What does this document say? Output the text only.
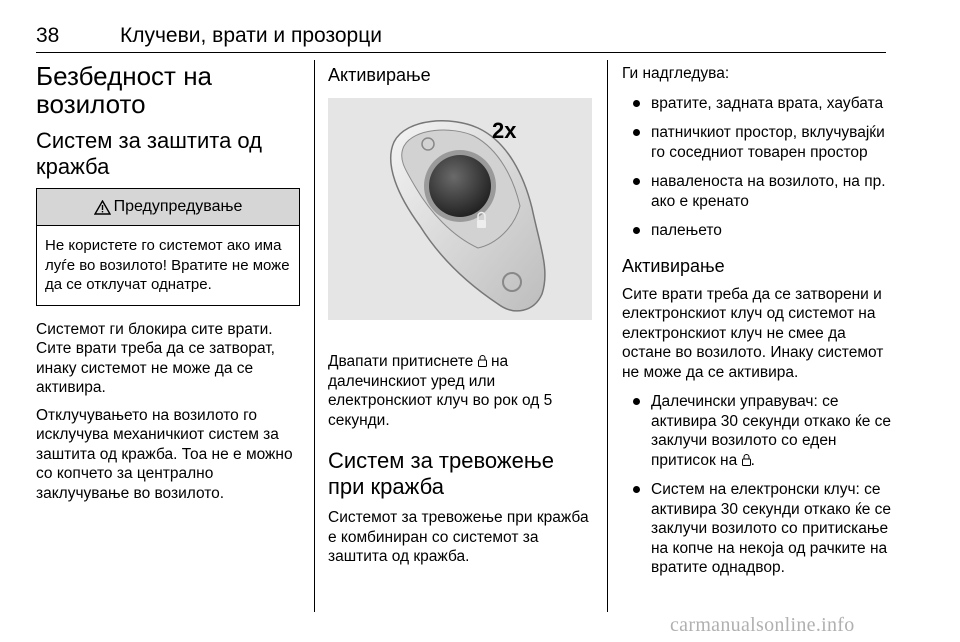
38	Клучеви, врати и прозорци
Безбедност на возилото
Систем за заштита од кражба
Предупредување
Не користете го системот ако има луѓе во возилото! Вратите не може да се отклучат однатре.

Системот ги блокира сите врати. Сите врати треба да се затворат, инаку системот не може да се активира.

Отклучувањето на возилото го исклучува механичкиот систем за заштита од кражба. Тоа не е можно со копчето за централно заклучување во возилото.

Активирање
2x

Двапати притиснете на далечинскиот уред или електронскиот клуч во рок од 5 секунди.

Систем за тревожење при кражба

Системот за тревожење при кражба е комбиниран со системот за заштита од кражба.

Ги надгледува:

вратите, задната врата, хаубата
патничкиот простор, вклучувајќи го соседниот товарен простор
наваленоста на возилото, на пр. ако е кренато
палењето
Активирање

Сите врати треба да се затворени и електронскиот клуч од системот на електронскиот клуч не смее да остане во возилото. Инаку системот не може да се активира.

Далечински управувач: се активира 30 секунди откако ќе се заклучи возилото со еден притисок на .
Систем на електронски клуч: се активира 30 секунди откако ќе се заклучи возилото со притискање на копче на некоја од рачките на вратите однадвор.
carmanualsonline.info
